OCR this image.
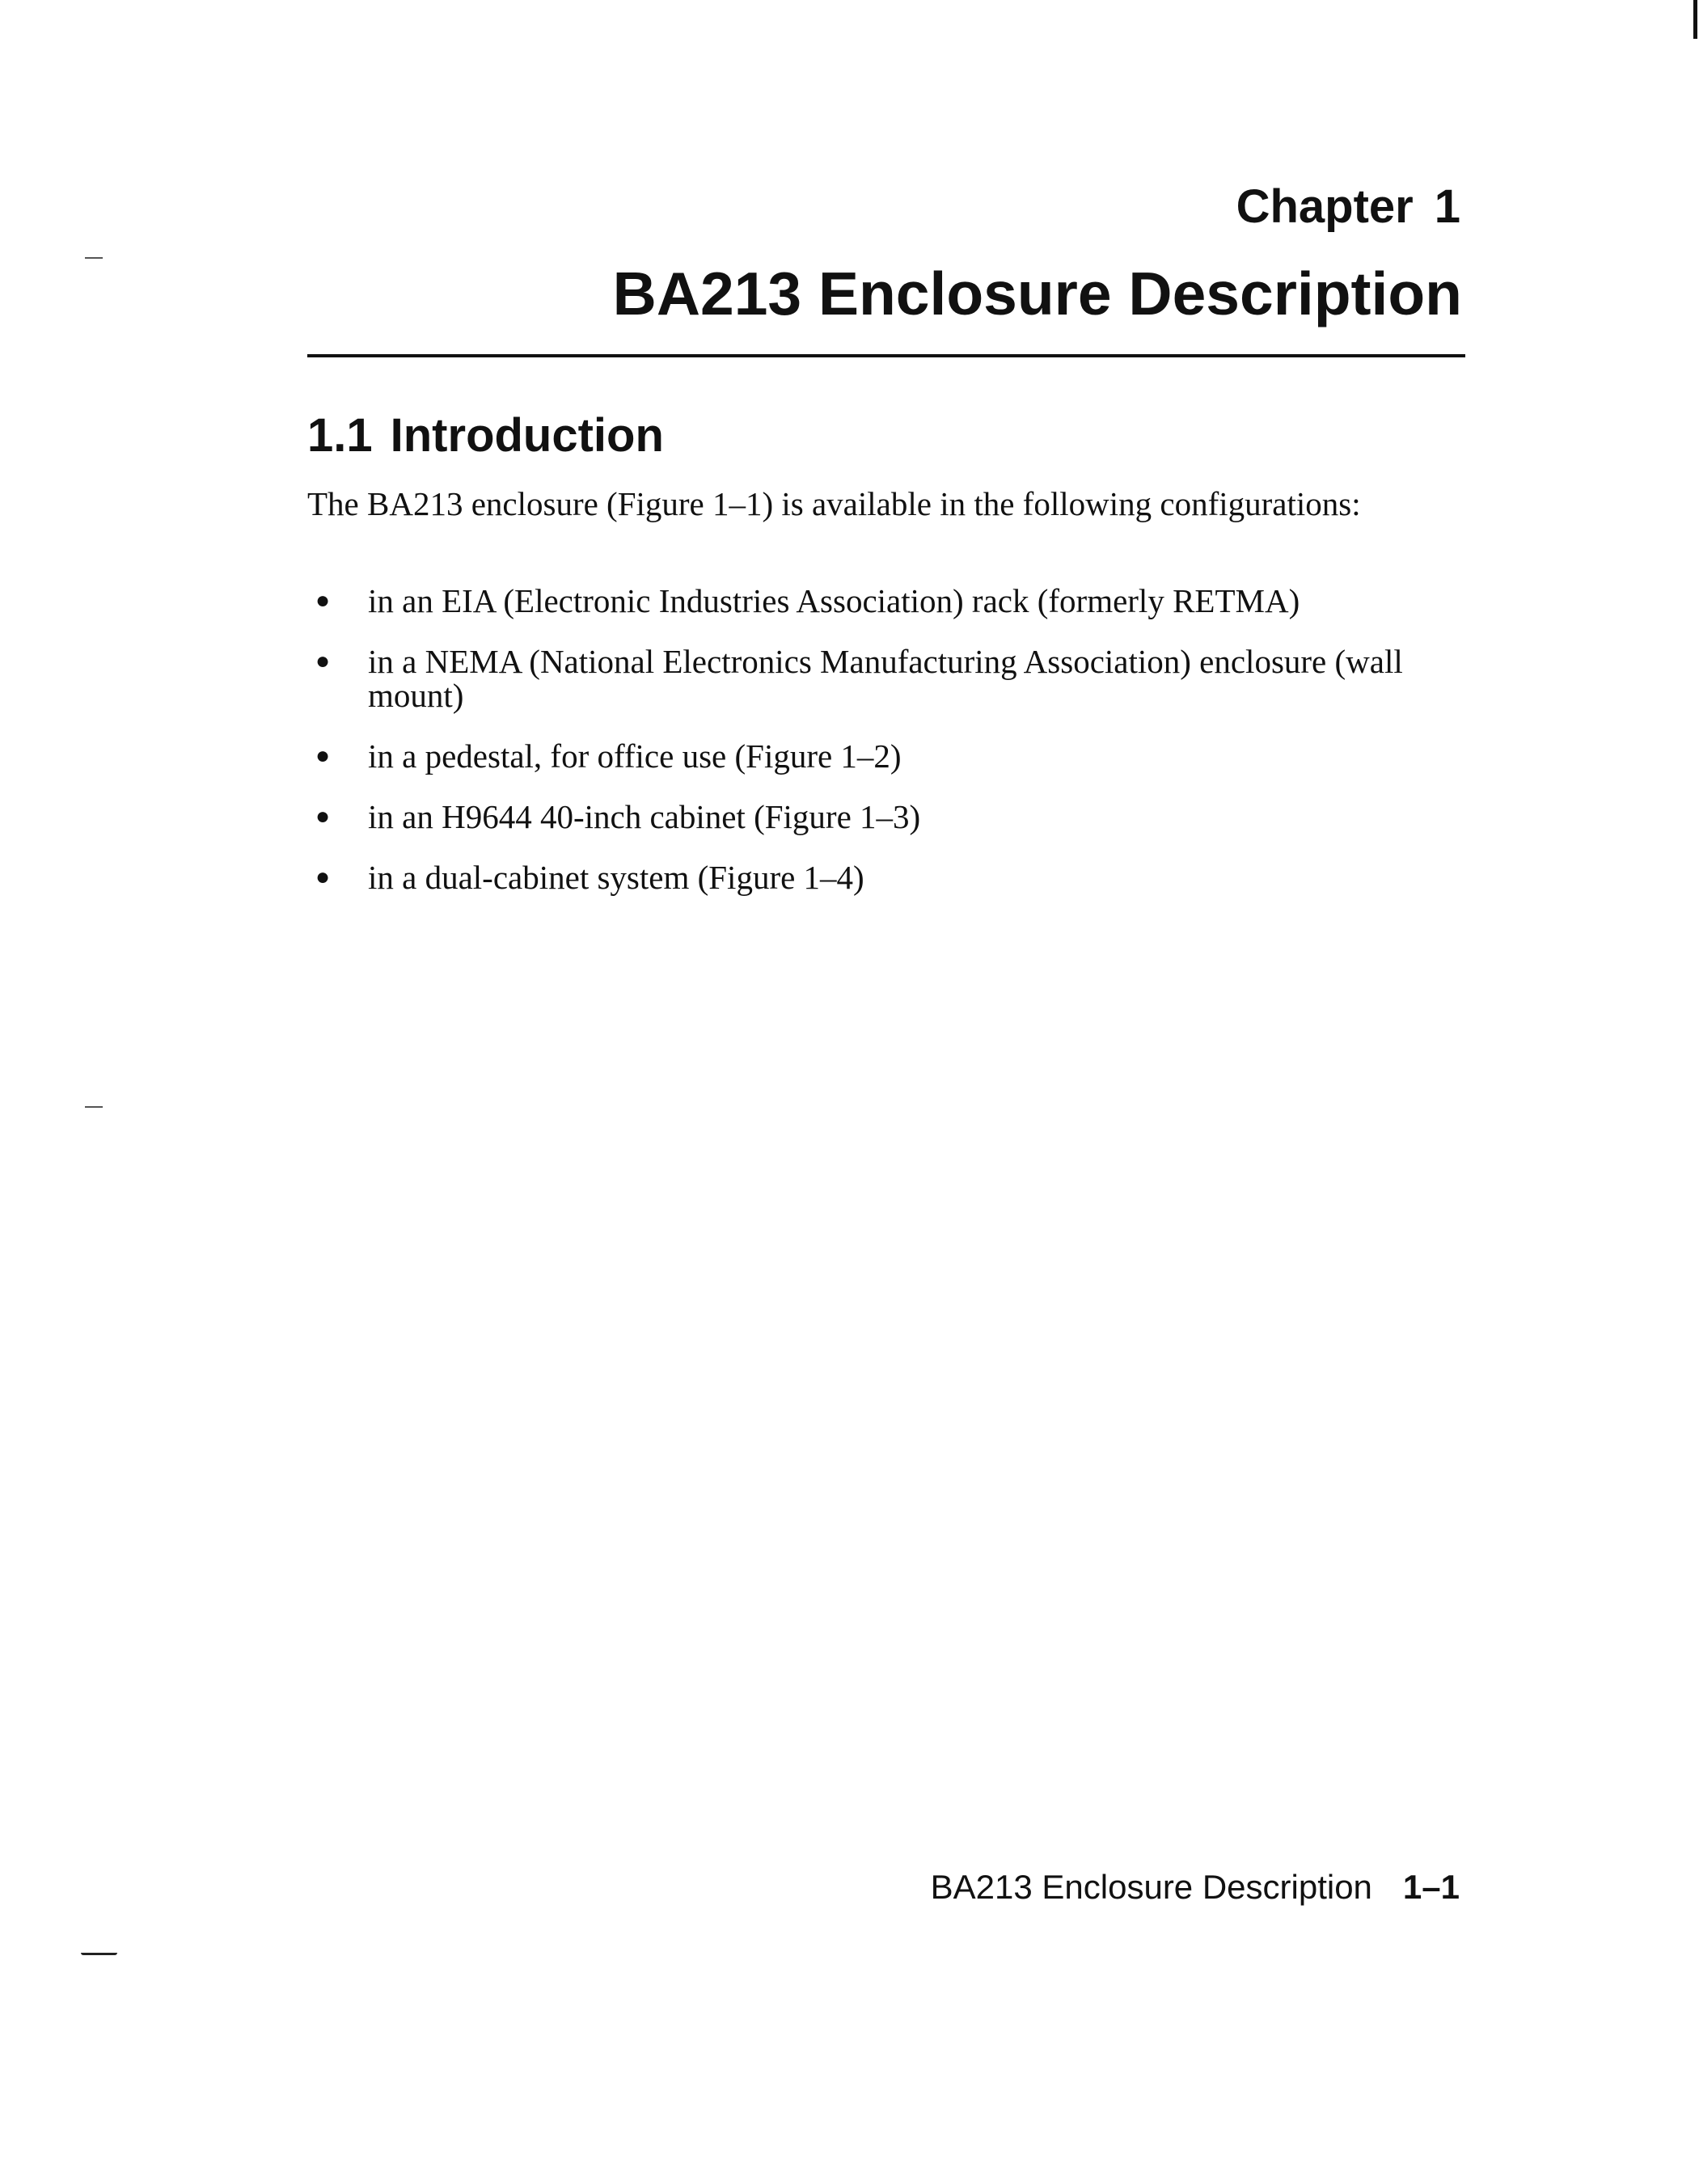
Chapter 1
BA213 Enclosure Description
1.1 Introduction

The BA213 enclosure (Figure 1–1) is available in the following configurations:

● in an EIA (Electronic Industries Association) rack (formerly RETMA)
● in a NEMA (National Electronics Manufacturing Association) enclosure (wall mount)
● in a pedestal, for office use (Figure 1–2)
● in an H9644 40-inch cabinet (Figure 1–3)
● in a dual-cabinet system (Figure 1–4)
BA213 Enclosure Description 1–1
